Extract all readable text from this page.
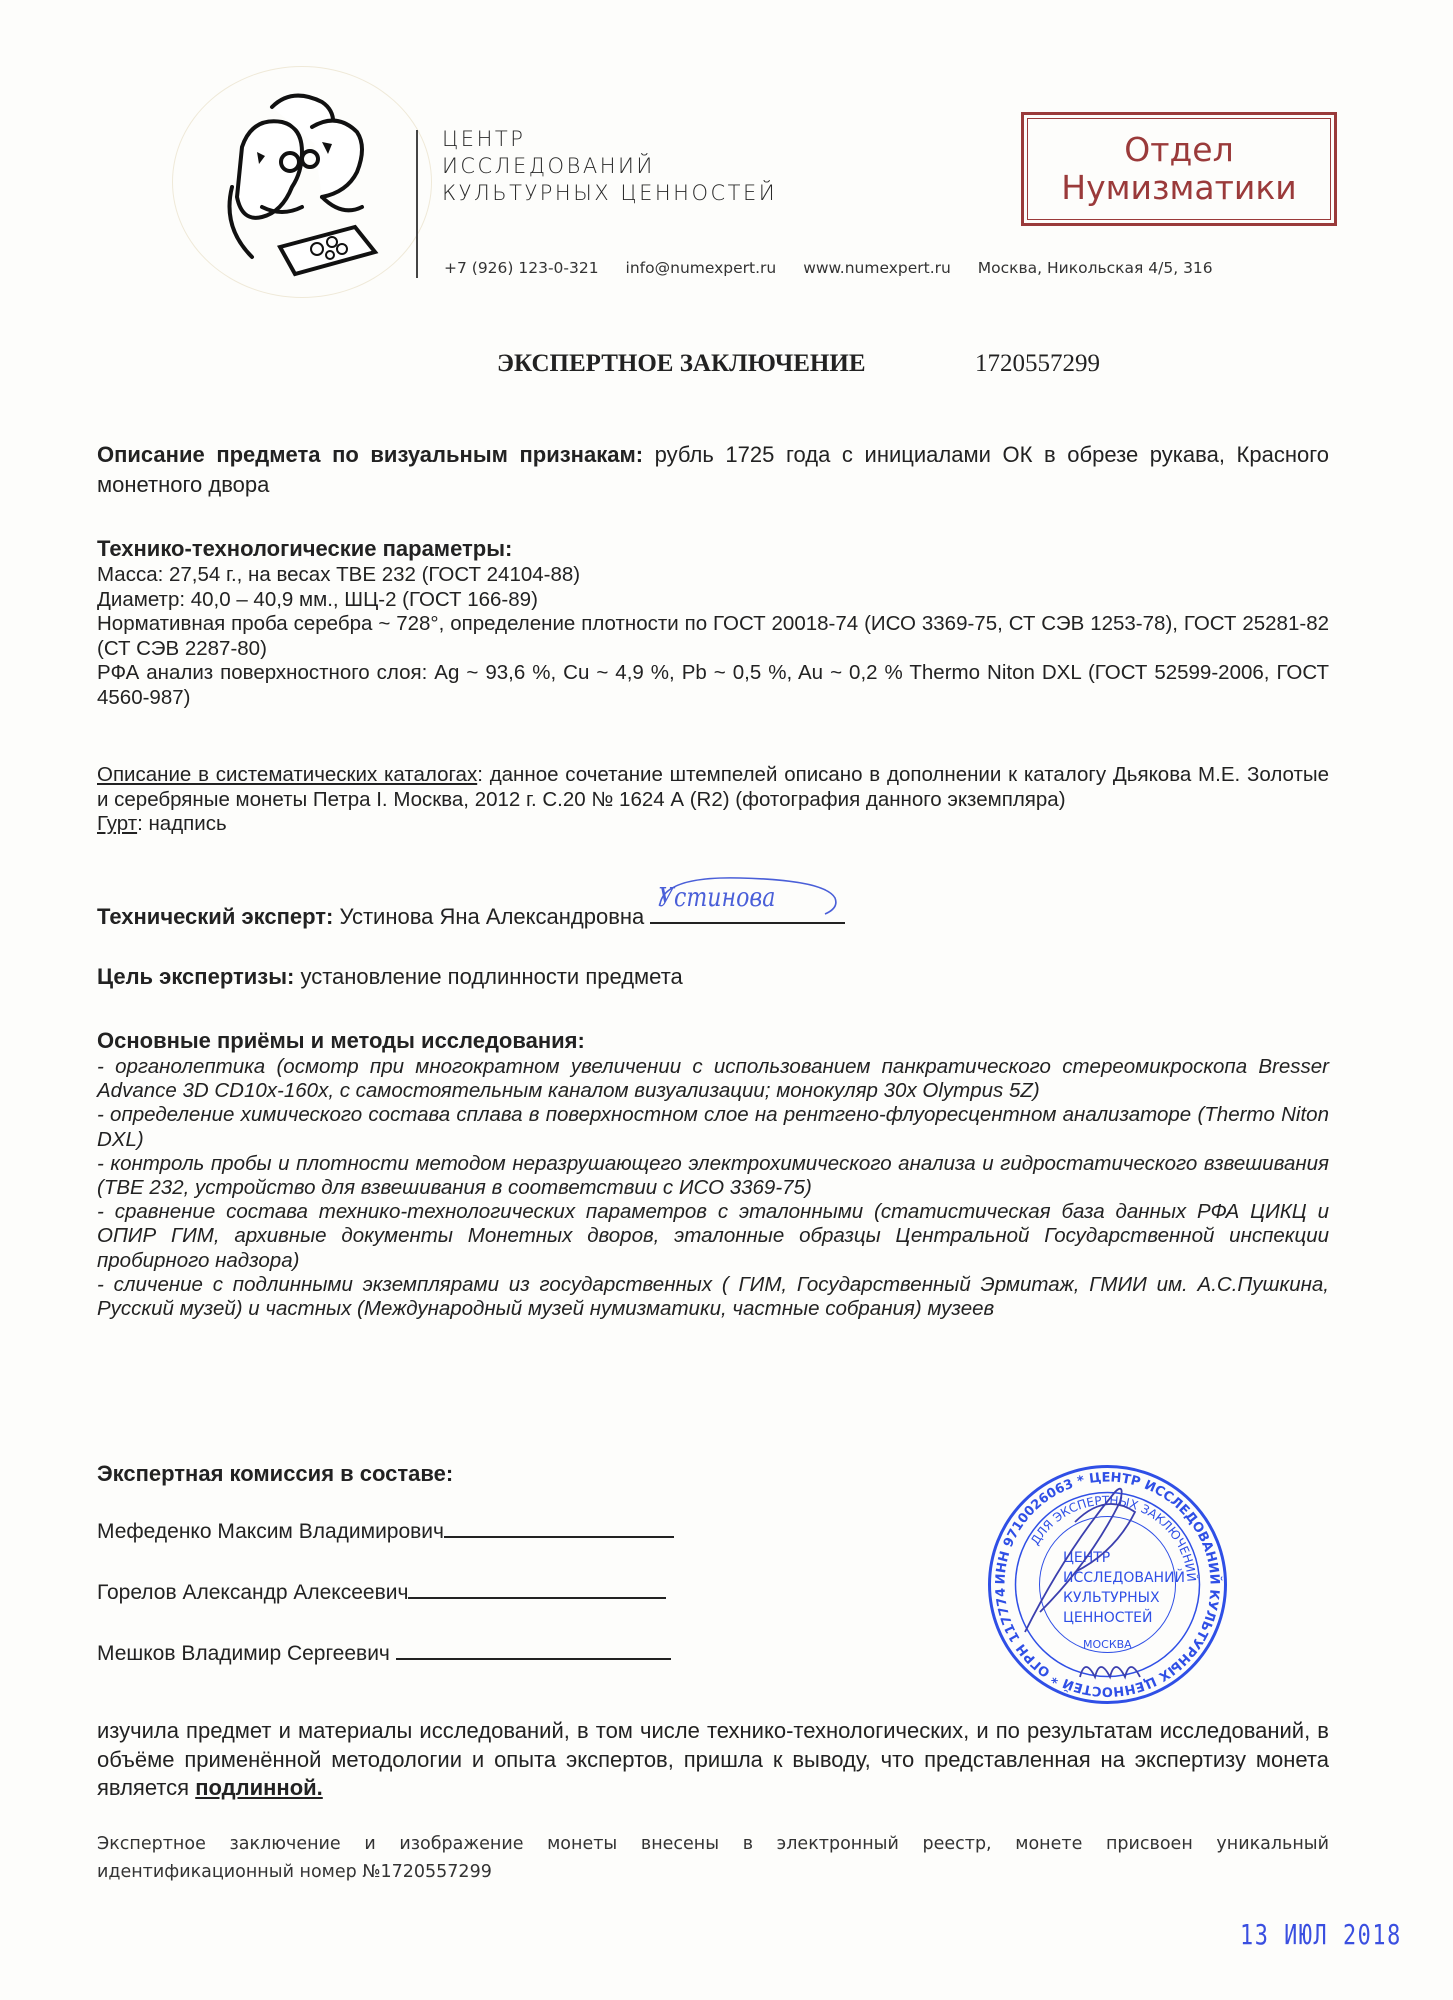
ЦЕНТР
ИССЛЕДОВАНИЙ
КУЛЬТУРНЫХ ЦЕННОСТЕЙ
+7 (926) 123-0-321 info@numexpert.ru www.numexpert.ru Москва, Никольская 4/5, 316
Отдел
Нумизматики
ЭКСПЕРТНОЕ ЗАКЛЮЧЕНИЕ	1720557299
Описание предмета по визуальным признакам: рубль 1725 года с инициалами ОК в обрезе рукава, Красного монетного двора
Технико-технологические параметры:
Масса: 27,54 г., на весах ТВЕ 232 (ГОСТ 24104-88)
Диаметр: 40,0 – 40,9 мм., ШЦ-2 (ГОСТ 166-89)
Нормативная проба серебра ~ 728°, определение плотности по ГОСТ 20018-74 (ИСО 3369-75, СТ СЭВ 1253-78), ГОСТ 25281-82 (СТ СЭВ 2287-80)
РФА анализ поверхностного слоя: Ag ~ 93,6 %, Cu ~ 4,9 %, Pb ~ 0,5 %, Au ~ 0,2 % Thermo Niton DXL (ГОСТ 52599-2006, ГОСТ 4560-987)
Описание в систематических каталогах: данное сочетание штемпелей описано в дополнении к каталогу Дьякова М.Е. Золотые и серебряные монеты Петра I. Москва, 2012 г. С.20 № 1624 А (R2) (фотография данного экземпляра)
Гурт: надпись
Технический эксперт: Устинова Яна Александровна
Устинова
Цель экспертизы: установление подлинности предмета
Основные приёмы и методы исследования:
- органолептика (осмотр при многократном увеличении с использованием панкратического стереомикроскопа Bresser Advance 3D CD10x-160x, с самостоятельным каналом визуализации; монокуляр 30x Olympus 5Z)
- определение химического состава сплава в поверхностном слое на рентгено-флуоресцентном анализаторе (Thermo Niton DXL)
- контроль пробы и плотности методом неразрушающего электрохимического анализа и гидростатического взвешивания (ТВЕ 232, устройство для взвешивания в соответствии с ИСО 3369-75)
- сравнение состава технико-технологических параметров с эталонными (статистическая база данных РФА ЦИКЦ и ОПИР ГИМ, архивные документы Монетных дворов, эталонные образцы Центральной Государственной инспекции пробирного надзора)
- сличение с подлинными экземплярами из государственных ( ГИМ, Государственный Эрмитаж, ГМИИ им. А.С.Пушкина, Русский музей) и частных (Международный музей нумизматики, частные собрания) музеев
Экспертная комиссия в составе:
Мефеденко Максим Владимирович
Горелов Александр Алексеевич
Мешков Владимир Сергеевич
ИНН 9710026063 * ЦЕНТР ИССЛЕДОВАНИЙ КУЛЬТУРНЫХ ЦЕННОСТЕЙ * ОГРН 117774
ДЛЯ ЭКСПЕРТНЫХ ЗАКЛЮЧЕНИЙ
ЦЕНТР
ИССЛЕДОВАНИЙ
КУЛЬТУРНЫХ
ЦЕННОСТЕЙ
МОСКВА
изучила предмет и материалы исследований, в том числе технико-технологических, и по результатам исследований, в объёме применённой методологии и опыта экспертов, пришла к выводу, что представленная на экспертизу монета является подлинной.
Экспертное заключение и изображение монеты внесены в электронный реестр, монете присвоен уникальный идентификационный номер №1720557299
13 ИЮЛ 2018
